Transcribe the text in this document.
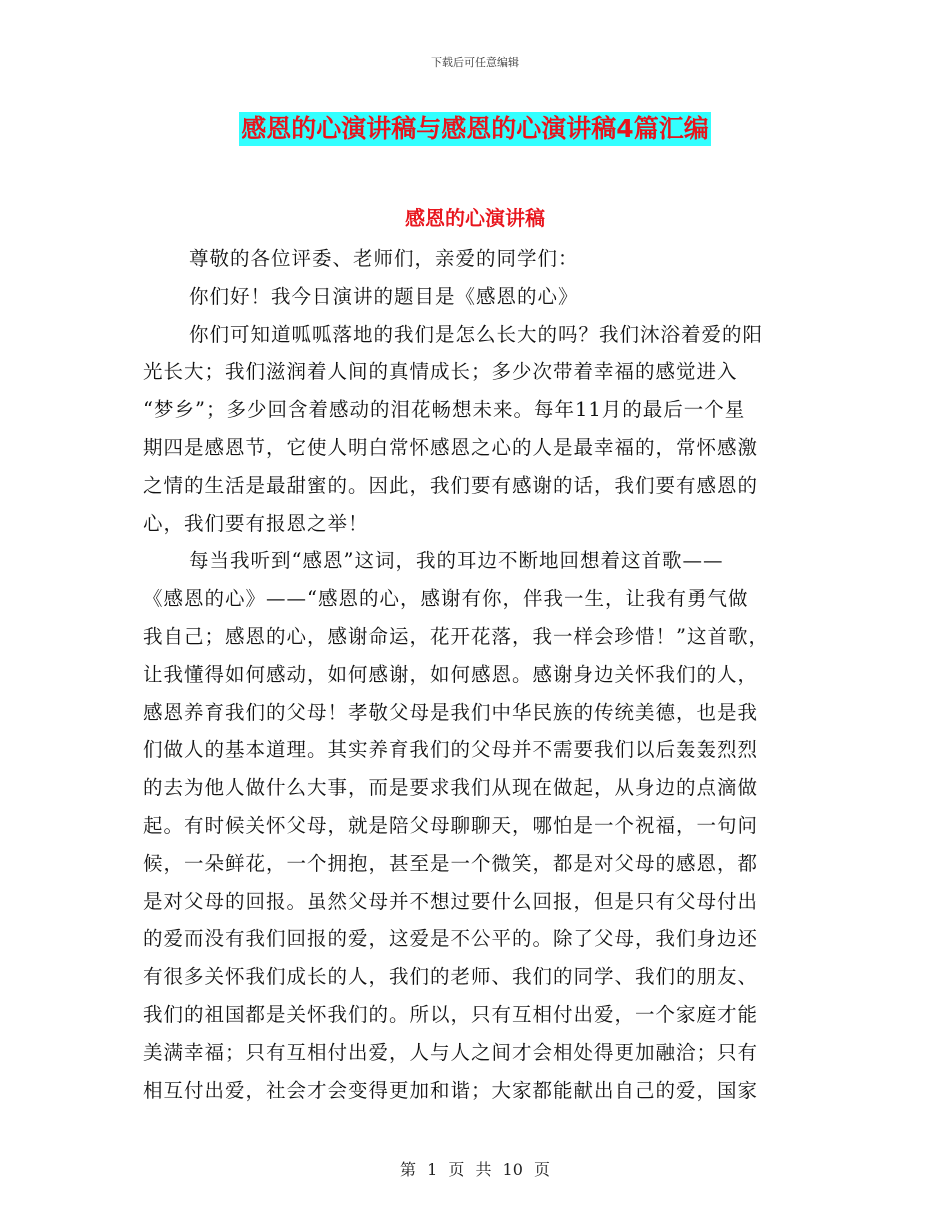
下载后可任意编辑
感恩的心演讲稿与感恩的心演讲稿4篇汇编
感恩的心演讲稿

尊敬的各位评委、老师们，亲爱的同学们：

你们好！我今日演讲的题目是《感恩的心》

你们可知道呱呱落地的我们是怎么长大的吗？我们沐浴着爱的阳

光长大；我们滋润着人间的真情成长；多少次带着幸福的感觉进入

“梦乡”；多少回含着感动的泪花畅想未来。每年11月的最后一个星

期四是感恩节，它使人明白常怀感恩之心的人是最幸福的，常怀感激

之情的生活是最甜蜜的。因此，我们要有感谢的话，我们要有感恩的

心，我们要有报恩之举！

每当我听到“感恩”这词，我的耳边不断地回想着这首歌——

《感恩的心》——“感恩的心，感谢有你，伴我一生，让我有勇气做

我自己；感恩的心，感谢命运，花开花落，我一样会珍惜！”这首歌，

让我懂得如何感动，如何感谢，如何感恩。感谢身边关怀我们的人，

感恩养育我们的父母！孝敬父母是我们中华民族的传统美德，也是我

们做人的基本道理。其实养育我们的父母并不需要我们以后轰轰烈烈

的去为他人做什么大事，而是要求我们从现在做起，从身边的点滴做

起。有时候关怀父母，就是陪父母聊聊天，哪怕是一个祝福，一句问

候，一朵鲜花，一个拥抱，甚至是一个微笑，都是对父母的感恩，都

是对父母的回报。虽然父母并不想过要什么回报，但是只有父母付出

的爱而没有我们回报的爱，这爱是不公平的。除了父母，我们身边还

有很多关怀我们成长的人，我们的老师、我们的同学、我们的朋友、

我们的祖国都是关怀我们的。所以，只有互相付出爱，一个家庭才能

美满幸福；只有互相付出爱，人与人之间才会相处得更加融洽；只有

相互付出爱，社会才会变得更加和谐；大家都能献出自己的爱，国家

第 1 页 共 10 页
